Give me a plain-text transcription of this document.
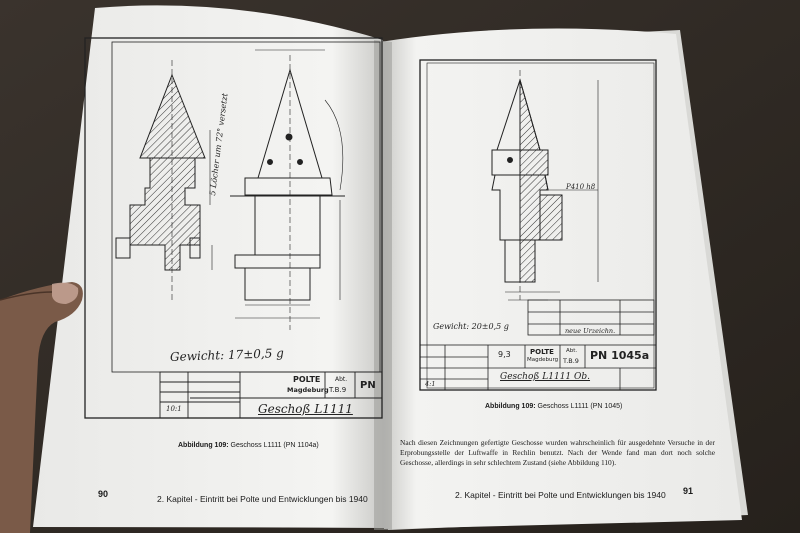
5 Löcher um 72° versetzt
Gewicht: 17±0,5 g
POLTE
Magdeburg
Abt.
T.B.9 PN
Geschoß L1111
10:1
P410 h8
neue Urzeichn.
Gewicht: 20±0,5 g
9,3	POLTE
Magdeburg
Abt.
T.B.9 PN 1045a
Geschoß L1111 Ob.
4:1
Abbildung 109: Geschoss L1111 (PN 1104a)
90	2. Kapitel - Eintritt bei Polte und Entwicklungen bis 1940
Abbildung 109: Geschoss L1111 (PN 1045)
Nach diesen Zeichnungen gefertigte Geschosse wurden wahrscheinlich für ausgedehnte Versuche in der Erprobungsstelle der Luftwaffe in Rechlin benutzt. Nach der Wende fand man dort noch solche Geschosse, allerdings in sehr schlechtem Zustand (siehe Abbildung 110).
2. Kapitel - Eintritt bei Polte und Entwicklungen bis 1940 91
